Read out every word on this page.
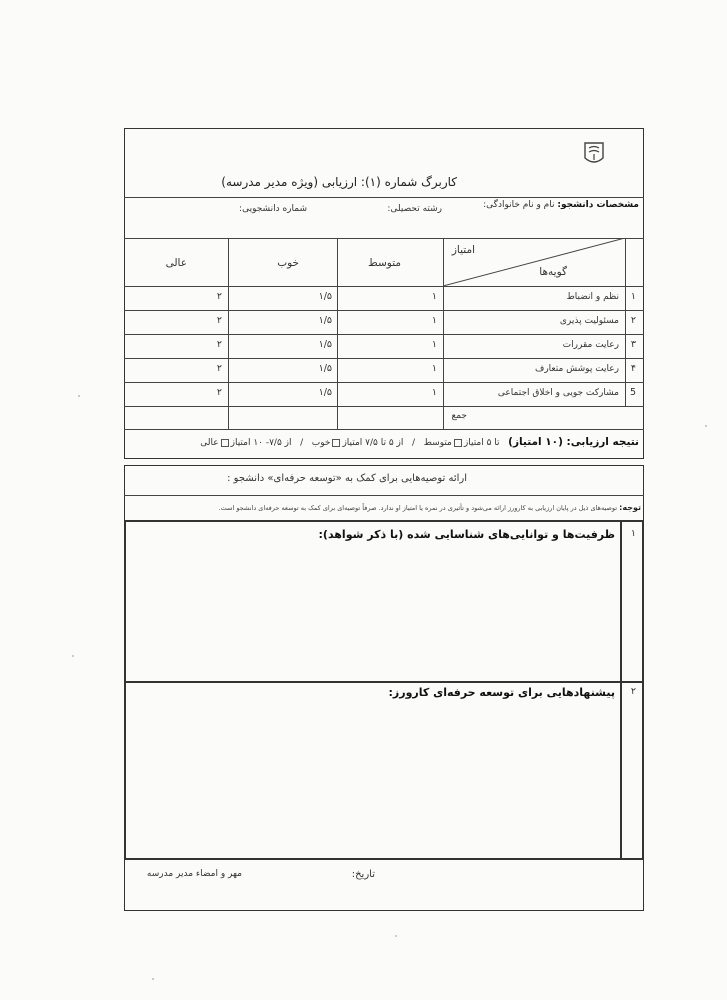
کاربرگ شماره (۱): ارزیابی (ویژه مدیر مدرسه)
مشخصات دانشجو: نام و نام خانوادگی:
رشته تحصیلی:
شماره دانشجویی:
امتیاز
گویه‌ها
متوسط
خوب
عالی
۱
نظم و انضباط
۱
۱/۵
۲
۲
مسئولیت پذیری
۱
۱/۵
۲
۳
رعایت مقررات
۱
۱/۵
۲
۴
رعایت پوشش متعارف
۱
۱/۵
۲
5
مشارکت جویی و اخلاق اجتماعی
۱
۱/۵
۲
جمع
نتیجه ارزیابی: (۱۰ امتیاز)   تا ۵ امتیازمتوسط   /   از ۵ تا ۷/۵ امتیازخوب   /   از ۷/۵- ۱۰ امتیازعالی
ارائه توصیه‌هایی برای کمک به «توسعه حرفه‌ای» دانشجو :
توجه: توصیه‌های ذیل در پایان ارزیابی به کارورز ارائه می‌شود و تأثیری در نمره یا امتیاز او ندارد. صرفاً توصیه‌ای برای کمک به توسعه حرفه‌ای دانشجو است.
۱
ظرفیت‌ها و توانایی‌های شناسایی شده (با ذکر شواهد):
۲
پیشنهادهایی برای توسعه حرفه‌ای کارورز:
تاریخ:
مهر و امضاء مدیر مدرسه
